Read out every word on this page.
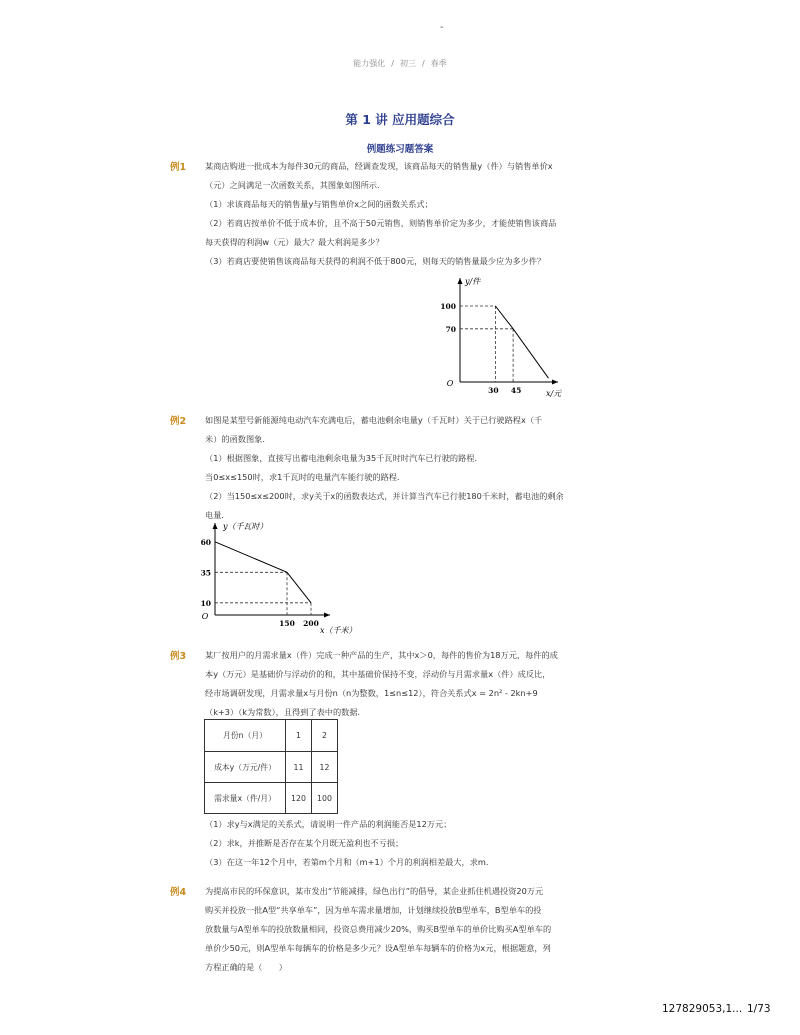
-
能力强化 / 初三 / 春季
第 1 讲 应用题综合
例题练习题答案
例1 某商店购进一批成本为每件30元的商品，经调查发现，该商品每天的销售量y（件）与销售单价x
（元）之间满足一次函数关系，其图象如图所示．
（1）求该商品每天的销售量y与销售单价x之间的函数关系式；
（2）若商店按单价不低于成本价，且不高于50元销售，则销售单价定为多少，才能使销售该商品
每天获得的利润w（元）最大？最大利润是多少？
（3）若商店要使销售该商品每天获得的利润不低于800元，则每天的销售量最少应为多少件？
O
y/件
x/元
100
70
30 45
例2 如图是某型号新能源纯电动汽车充满电后，蓄电池剩余电量y（千瓦时）关于已行驶路程x（千
米）的函数图象．
（1）根据图象，直接写出蓄电池剩余电量为35千瓦时时汽车已行驶的路程．
当0≤x≤150时，求1千瓦时的电量汽车能行驶的路程．
（2）当150≤x≤200时，求y关于x的函数表达式，并计算当汽车已行驶180千米时，蓄电池的剩余
电量．
O
y（千瓦时）
x（千米）
60
35
10
150 200
例3 某厂按用户的月需求量x（件）完成一种产品的生产，其中x＞0，每件的售价为18万元，每件的成
本y（万元）是基础价与浮动价的和，其中基础价保持不变，浮动价与月需求量x（件）成反比，
经市场调研发现，月需求量x与月份n（n为整数，1≤n≤12），符合关系式x = 2n² - 2kn+9
（k+3）（k为常数），且得到了表中的数据．
月份n（月）	1	2
成本y（万元/件）	11	12
需求量x（件/月）	120	100
（1）求y与x满足的关系式，请说明一件产品的利润能否是12万元；
（2）求k，并推断是否存在某个月既无盈利也不亏损；
（3）在这一年12个月中，若第m个月和（m+1）个月的利润相差最大，求m．
例4 为提高市民的环保意识，某市发出“节能减排，绿色出行”的倡导，某企业抓住机遇投资20万元
购买并投放一批A型“共享单车”，因为单车需求量增加，计划继续投放B型单车，B型单车的投
放数量与A型单车的投放数量相同，投资总费用减少20%，购买B型单车的单价比购买A型单车的
单价少50元，则A型单车每辆车的价格是多少元？设A型单车每辆车的价格为x元，根据题意，列
方程正确的是（　　）
127829053,1... 1/73
